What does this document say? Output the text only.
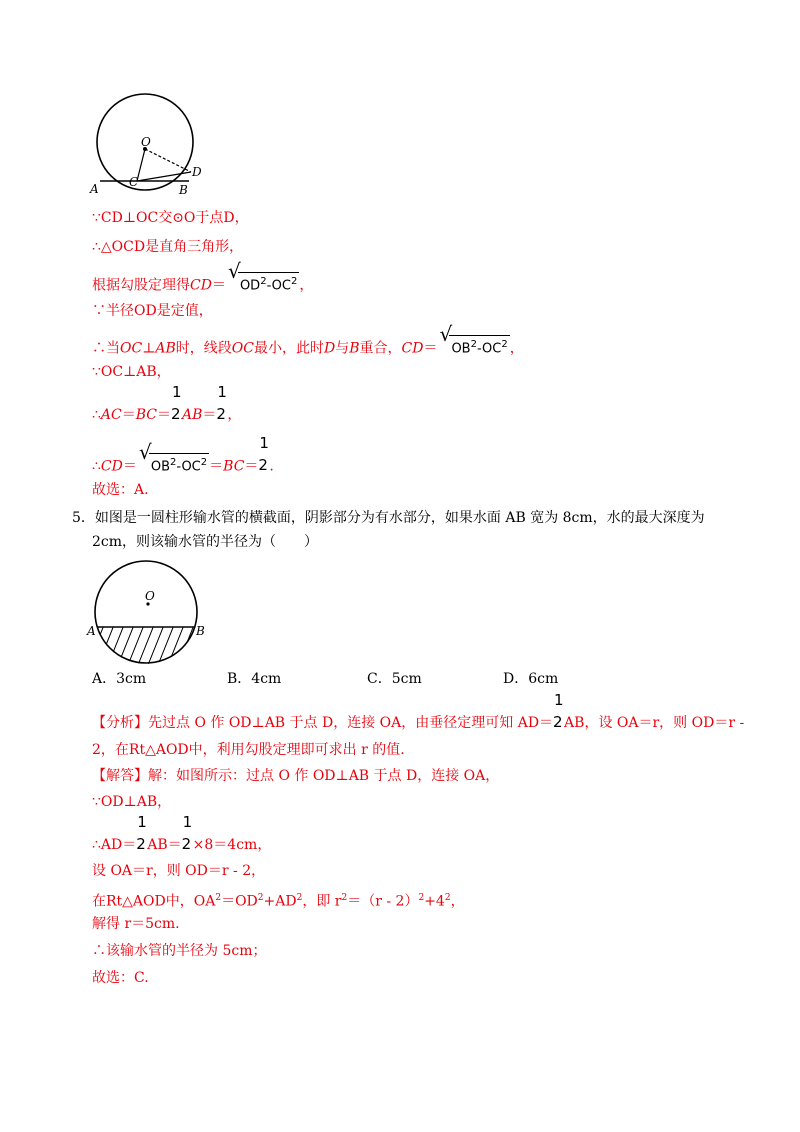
O
C
D
A	B
∵CD⊥OC交⊙O于点D，
∴△OCD是直角三角形，
根据勾股定理得CD＝
√
$OD^2-OC^2$ ，
∵半径OD是定值，
∴当OC⊥AB时，线段OC最小，此时D与B重合，CD＝
√
$OB^2-OC^2$ ，
∵OC⊥AB，
∴AC＝BC＝
1
2AB＝
1
2，
∴CD＝
√
$OB^2-OC^2 =BC=$
1
2.
故选：A.
5．如图是一圆柱形输水管的横截面，阴影部分为有水部分，如果水面 AB 宽为 8cm，水的最大深度为
2cm，则该输水管的半径为（　　）
O
A	B
A．3cm	B．4cm	C．5cm	D．6cm
【分析】先过点 O 作 OD⊥AB 于点 D，连接 OA，由垂径定理可知 AD＝
1
2AB，设 OA＝r，则 OD＝r -
2，在Rt△AOD中，利用勾股定理即可求出 r 的值.
【解答】解：如图所示：过点 O 作 OD⊥AB 于点 D，连接 OA，
∵OD⊥AB，
∴AD＝
1
2AB＝
1
2×8＝4cm，
设 OA＝r，则 OD＝r - 2，
在Rt△AOD中，$OA^2=OD^2+AD^2$，即 $r^2=(r - 2)^2+4^2$，
解得 r＝5cm.
∴该输水管的半径为 5cm；
故选：C.
